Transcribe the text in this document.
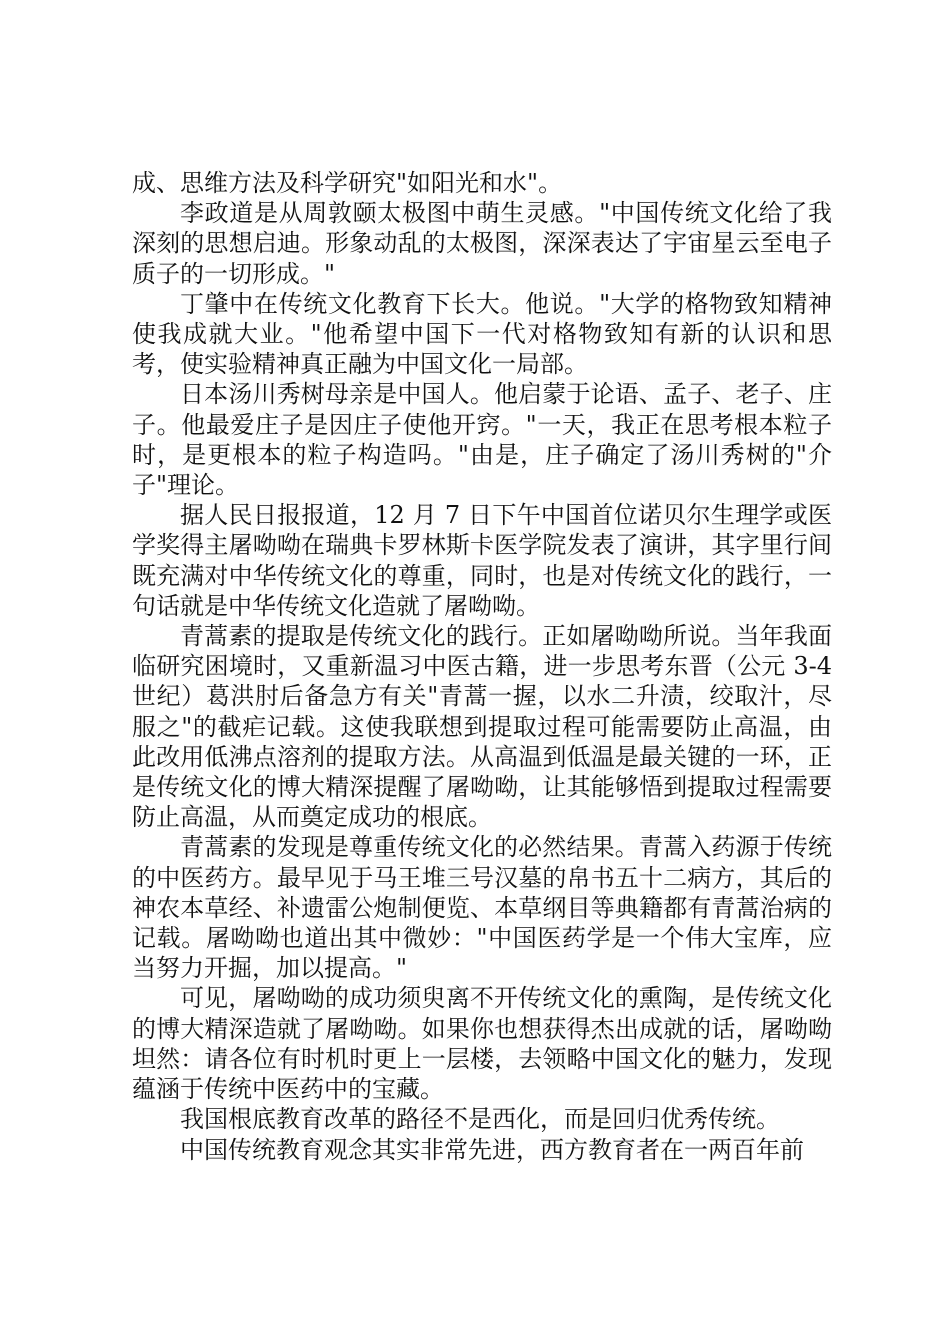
成、思维方法及科学研究"如阳光和水"。

李政道是从周敦颐太极图中萌生灵感。"中国传统文化给了我深刻的思想启迪。形象动乱的太极图，深深表达了宇宙星云至电子质子的一切形成。"

丁肇中在传统文化教育下长大。他说。"大学的格物致知精神使我成就大业。"他希望中国下一代对格物致知有新的认识和思考，使实验精神真正融为中国文化一局部。

日本汤川秀树母亲是中国人。他启蒙于论语、孟子、老子、庄子。他最爱庄子是因庄子使他开窍。"一天，我正在思考根本粒子时，是更根本的粒子构造吗。"由是，庄子确定了汤川秀树的"介子"理论。

据人民日报报道，12 月 7 日下午中国首位诺贝尔生理学或医学奖得主屠呦呦在瑞典卡罗林斯卡医学院发表了演讲，其字里行间既充满对中华传统文化的尊重，同时，也是对传统文化的践行，一句话就是中华传统文化造就了屠呦呦。

青蒿素的提取是传统文化的践行。正如屠呦呦所说。当年我面临研究困境时，又重新温习中医古籍，进一步思考东晋（公元 3-4 世纪）葛洪肘后备急方有关"青蒿一握，以水二升渍，绞取汁，尽服之"的截疟记载。这使我联想到提取过程可能需要防止高温，由此改用低沸点溶剂的提取方法。从高温到低温是最关键的一环，正是传统文化的博大精深提醒了屠呦呦，让其能够悟到提取过程需要防止高温，从而奠定成功的根底。

青蒿素的发现是尊重传统文化的必然结果。青蒿入药源于传统的中医药方。最早见于马王堆三号汉墓的帛书五十二病方，其后的神农本草经、补遗雷公炮制便览、本草纲目等典籍都有青蒿治病的记载。屠呦呦也道出其中微妙："中国医药学是一个伟大宝库，应当努力开掘，加以提高。"

可见，屠呦呦的成功须臾离不开传统文化的熏陶，是传统文化的博大精深造就了屠呦呦。如果你也想获得杰出成就的话，屠呦呦坦然：请各位有时机时更上一层楼，去领略中国文化的魅力，发现蕴涵于传统中医药中的宝藏。

我国根底教育改革的路径不是西化，而是回归优秀传统。

中国传统教育观念其实非常先进，西方教育者在一两百年前
